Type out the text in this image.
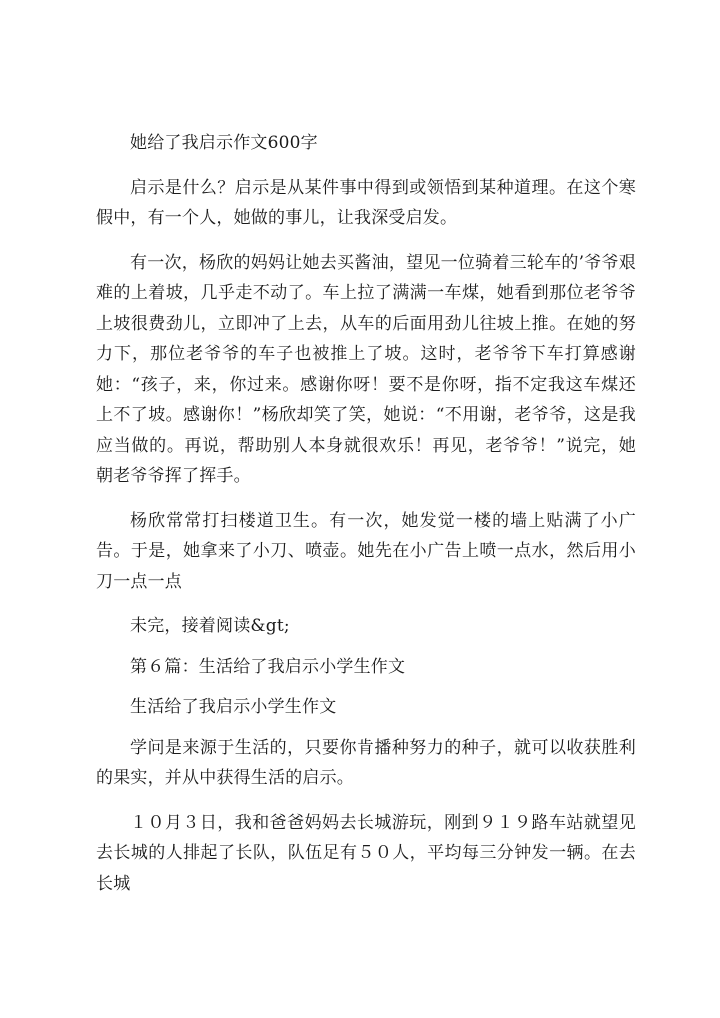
她给了我启示作文600字

启示是什么？启示是从某件事中得到或领悟到某种道理。在这个寒假中，有一个人，她做的事儿，让我深受启发。

有一次，杨欣的妈妈让她去买酱油，望见一位骑着三轮车的’爷爷艰难的上着坡，几乎走不动了。车上拉了满满一车煤，她看到那位老爷爷上坡很费劲儿，立即冲了上去，从车的后面用劲儿往坡上推。在她的努力下，那位老爷爷的车子也被推上了坡。这时，老爷爷下车打算感谢她：“孩子，来，你过来。感谢你呀！要不是你呀，指不定我这车煤还上不了坡。感谢你！”杨欣却笑了笑，她说：“不用谢，老爷爷，这是我应当做的。再说，帮助别人本身就很欢乐！再见，老爷爷！”说完，她朝老爷爷挥了挥手。

杨欣常常打扫楼道卫生。有一次，她发觉一楼的墙上贴满了小广告。于是，她拿来了小刀、喷壶。她先在小广告上喷一点水，然后用小刀一点一点

未完，接着阅读&gt;

第６篇：生活给了我启示小学生作文

生活给了我启示小学生作文

学问是来源于生活的，只要你肯播种努力的种子，就可以收获胜利的果实，并从中获得生活的启示。

１０月３日，我和爸爸妈妈去长城游玩，刚到９１９路车站就望见去长城的人排起了长队，队伍足有５０人，平均每三分钟发一辆。在去长城
